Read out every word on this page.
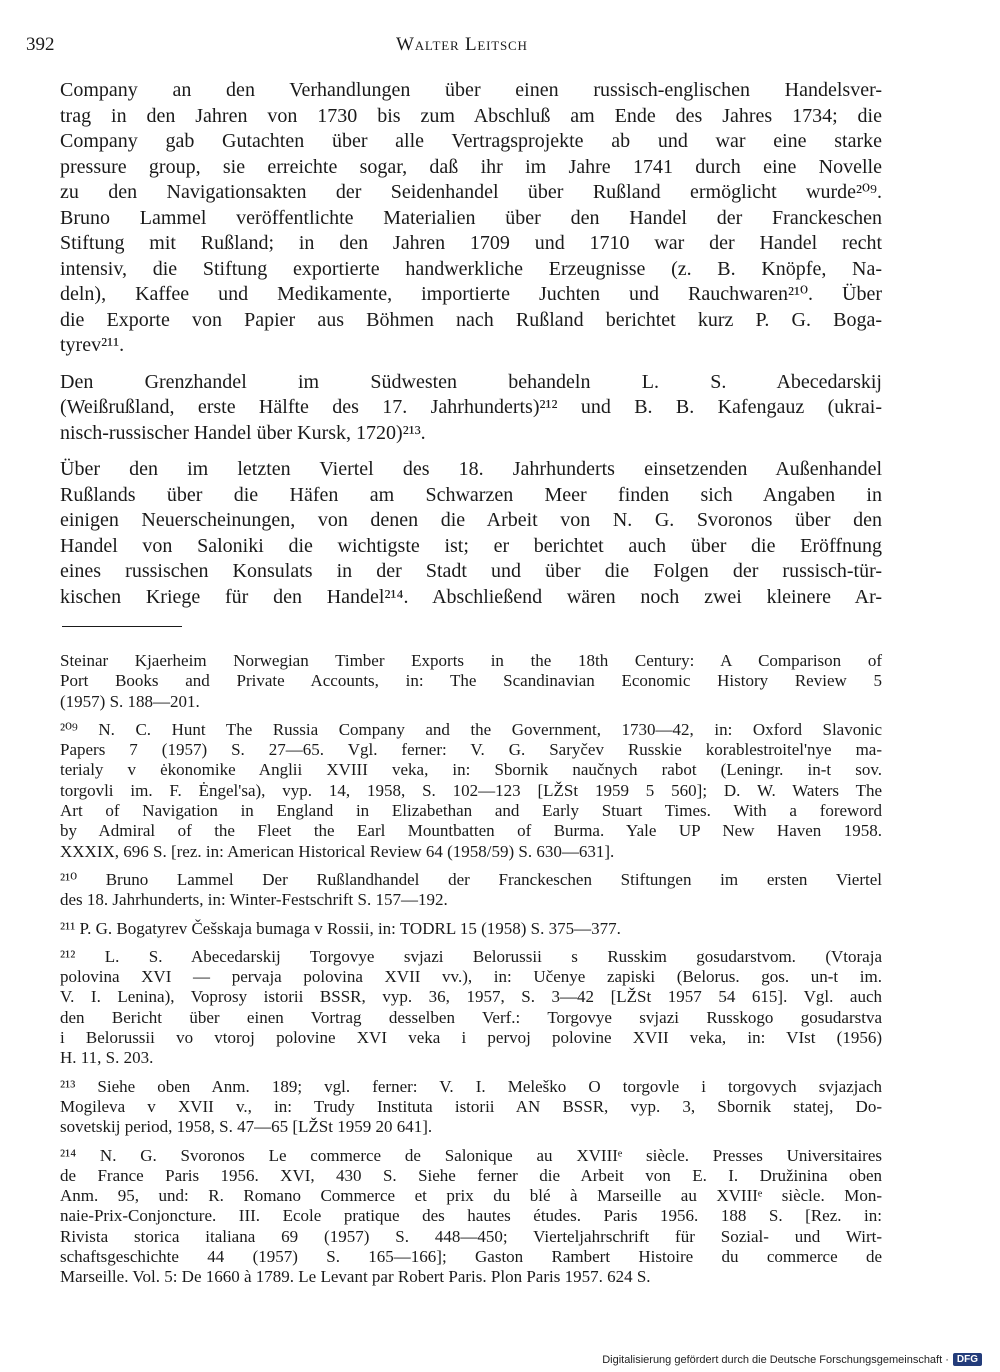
392	Walter Leitsch

Company an den Verhandlungen über einen russisch-englischen Handelsver-
trag in den Jahren von 1730 bis zum Abschluß am Ende des Jahres 1734; die
Company gab Gutachten über alle Vertragsprojekte ab und war eine starke
pressure group, sie erreichte sogar, daß ihr im Jahre 1741 durch eine Novelle
zu den Navigationsakten der Seidenhandel über Rußland ermöglicht wurde²⁰⁹.
Bruno Lammel veröffentlichte Materialien über den Handel der Franckeschen
Stiftung mit Rußland; in den Jahren 1709 und 1710 war der Handel recht
intensiv, die Stiftung exportierte handwerkliche Erzeugnisse (z. B. Knöpfe, Na-
deln), Kaffee und Medikamente, importierte Juchten und Rauchwaren²¹⁰. Über
die Exporte von Papier aus Böhmen nach Rußland berichtet kurz P. G. Boga-
tyrev²¹¹.

Den Grenzhandel im Südwesten behandeln L. S. Abecedarskij
(Weißrußland, erste Hälfte des 17. Jahrhunderts)²¹² und B. B. Kafengauz (ukrai-
nisch-russischer Handel über Kursk, 1720)²¹³.

Über den im letzten Viertel des 18. Jahrhunderts einsetzenden Außenhandel
Rußlands über die Häfen am Schwarzen Meer finden sich Angaben in
einigen Neuerscheinungen, von denen die Arbeit von N. G. Svoronos über den
Handel von Saloniki die wichtigste ist; er berichtet auch über die Eröffnung
eines russischen Konsulats in der Stadt und über die Folgen der russisch-tür-
kischen Kriege für den Handel²¹⁴. Abschließend wären noch zwei kleinere Ar-

Steinar Kjaerheim Norwegian Timber Exports in the 18th Century: A Comparison of
Port Books and Private Accounts, in: The Scandinavian Economic History Review 5
(1957) S. 188—201.
²⁰⁹ N. C. Hunt The Russia Company and the Government, 1730—42, in: Oxford Slavonic
Papers 7 (1957) S. 27—65. Vgl. ferner: V. G. Saryčev Russkie korablestroitel'nye ma-
terialy v ėkonomike Anglii XVIII veka, in: Sbornik naučnych rabot (Leningr. in-t sov.
torgovli im. F. Ėngel'sa), vyp. 14, 1958, S. 102—123 [LŽSt 1959 5 560]; D. W. Waters The
Art of Navigation in England in Elizabethan and Early Stuart Times. With a foreword
by Admiral of the Fleet the Earl Mountbatten of Burma. Yale UP New Haven 1958.
XXXIX, 696 S. [rez. in: American Historical Review 64 (1958/59) S. 630—631].
²¹⁰ Bruno Lammel Der Rußlandhandel der Franckeschen Stiftungen im ersten Viertel
des 18. Jahrhunderts, in: Winter-Festschrift S. 157—192.
²¹¹ P. G. Bogatyrev Češskaja bumaga v Rossii, in: TODRL 15 (1958) S. 375—377.
²¹² L. S. Abecedarskij Torgovye svjazi Belorussii s Russkim gosudarstvom. (Vtoraja
polovina XVI — pervaja polovina XVII vv.), in: Učenye zapiski (Belorus. gos. un-t im.
V. I. Lenina), Voprosy istorii BSSR, vyp. 36, 1957, S. 3—42 [LŽSt 1957 54 615]. Vgl. auch
den Bericht über einen Vortrag desselben Verf.: Torgovye svjazi Russkogo gosudarstva
i Belorussii vo vtoroj polovine XVI veka i pervoj polovine XVII veka, in: VIst (1956)
H. 11, S. 203.
²¹³ Siehe oben Anm. 189; vgl. ferner: V. I. Meleško O torgovle i torgovych svjazjach
Mogileva v XVII v., in: Trudy Instituta istorii AN BSSR, vyp. 3, Sbornik statej, Do-
sovetskij period, 1958, S. 47—65 [LŽSt 1959 20 641].
²¹⁴ N. G. Svoronos Le commerce de Salonique au XVIIIᵉ siècle. Presses Universitaires
de France Paris 1956. XVI, 430 S. Siehe ferner die Arbeit von E. I. Družinina oben
Anm. 95, und: R. Romano Commerce et prix du blé à Marseille au XVIIIᵉ siècle. Mon-
naie-Prix-Conjoncture. III. Ecole pratique des hautes études. Paris 1956. 188 S. [Rez. in:
Rivista storica italiana 69 (1957) S. 448—450; Vierteljahrschrift für Sozial- und Wirt-
schaftsgeschichte 44 (1957) S. 165—166]; Gaston Rambert Histoire du commerce de
Marseille. Vol. 5: De 1660 à 1789. Le Levant par Robert Paris. Plon Paris 1957. 624 S.
Digitalisierung gefördert durch die Deutsche Forschungsgemeinschaft · DFG
